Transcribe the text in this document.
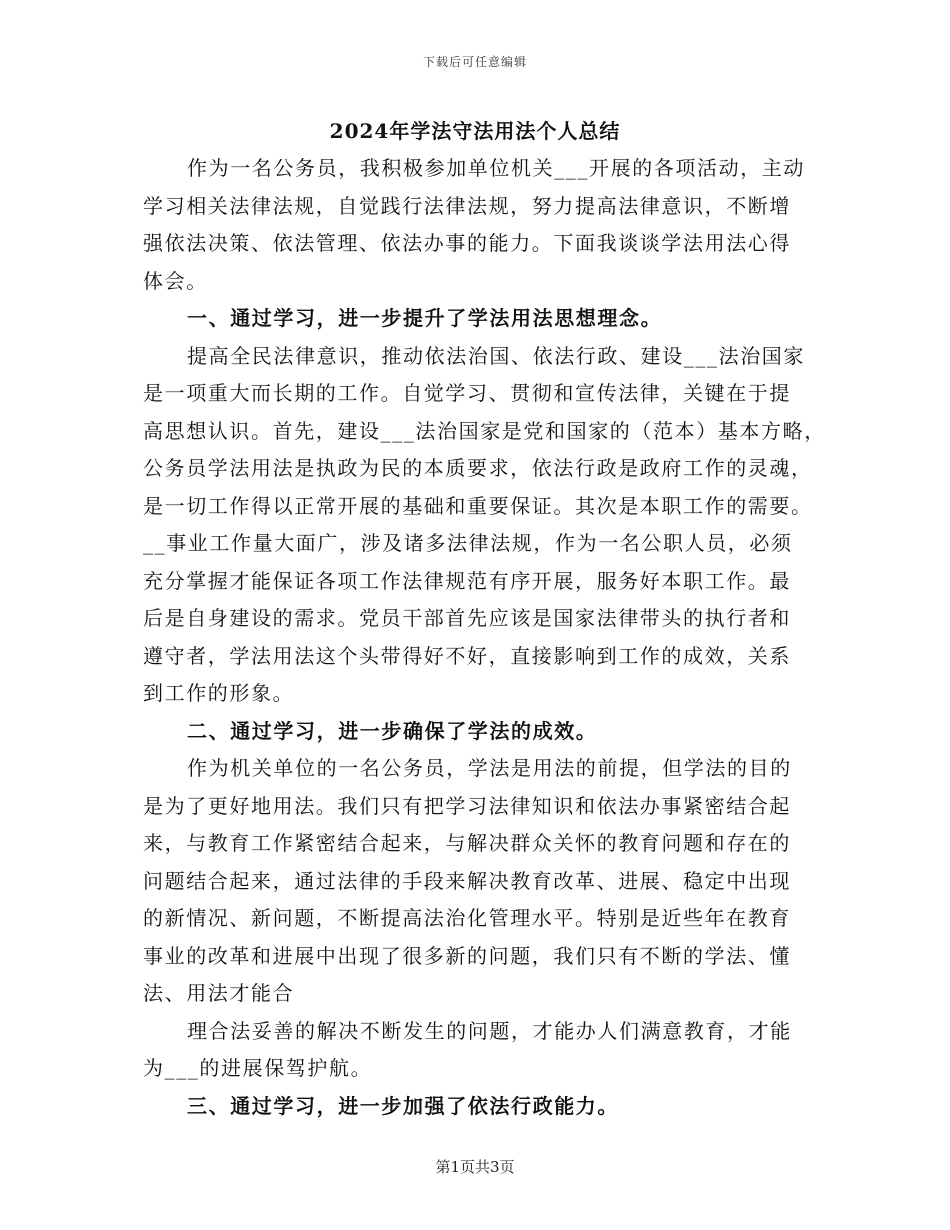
下载后可任意编辑
2024年学法守法用法个人总结
作为一名公务员，我积极参加单位机关___开展的各项活动，主动
学习相关法律法规，自觉践行法律法规，努力提高法律意识，不断增
强依法决策、依法管理、依法办事的能力。下面我谈谈学法用法心得
体会。
一、通过学习，进一步提升了学法用法思想理念。
提高全民法律意识，推动依法治国、依法行政、建设___法治国家
是一项重大而长期的工作。自觉学习、贯彻和宣传法律，关键在于提
高思想认识。首先，建设___法治国家是党和国家的（范本）基本方略，
公务员学法用法是执政为民的本质要求，依法行政是政府工作的灵魂，
是一切工作得以正常开展的基础和重要保证。其次是本职工作的需要。
__事业工作量大面广，涉及诸多法律法规，作为一名公职人员，必须
充分掌握才能保证各项工作法律规范有序开展，服务好本职工作。最
后是自身建设的需求。党员干部首先应该是国家法律带头的执行者和
遵守者，学法用法这个头带得好不好，直接影响到工作的成效，关系
到工作的形象。
二、通过学习，进一步确保了学法的成效。
作为机关单位的一名公务员，学法是用法的前提，但学法的目的
是为了更好地用法。我们只有把学习法律知识和依法办事紧密结合起
来，与教育工作紧密结合起来，与解决群众关怀的教育问题和存在的
问题结合起来，通过法律的手段来解决教育改革、进展、稳定中出现
的新情况、新问题，不断提高法治化管理水平。特别是近些年在教育
事业的改革和进展中出现了很多新的问题，我们只有不断的学法、懂
法、用法才能合
理合法妥善的解决不断发生的问题，才能办人们满意教育，才能
为___的进展保驾护航。
三、通过学习，进一步加强了依法行政能力。
第1页共3页
